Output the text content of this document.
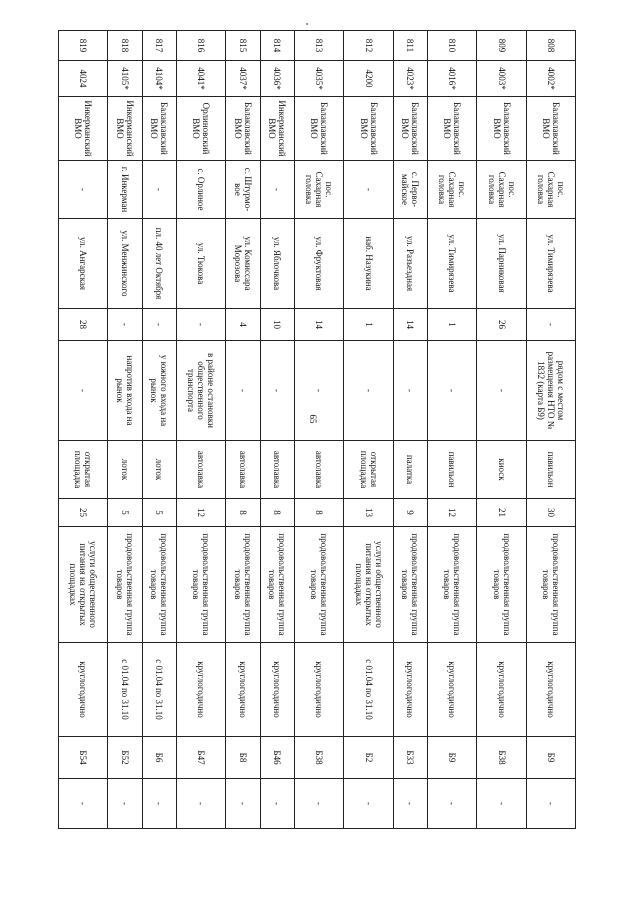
65
808	4002*	Балаклавский ВМО	пос. Сахарная головка	ул. Тимирязева	-	рядом с местом размещения НТО № 1832 (карта Б9)	павильон	30	продовольственная группа товаров	круглогодично	Б9	-
809	4003*	Балаклавский ВМО	пос. Сахарная головка	ул. Парниковая	26	-	киоск	21	продовольственная группа товаров	круглогодично	Б38	-
810	4016*	Балаклавский ВМО	пос. Сахарная головка	ул. Тимирязева	1	-	павильон	12	продовольственная группа товаров	круглогодично	Б9	-
811	4023*	Балаклавский ВМО	с. Перво-майское	ул. Разъездная	14	-	палатка	9	продовольственная группа товаров	круглогодично	Б33	-
812	4200	Балаклавский ВМО	-	наб. Назукина	1	-	открытая площадка	13	услуги общественного питания на открытых площадках	с 01.04 по 31.10	Б2	-
813	4035*	Балаклавский ВМО	пос. Сахарная головка	ул. Фруктовая	14	-	автолавка	8	продовольственная группа товаров	круглогодично	Б38	-
814	4036*	Инкерманский ВМО	-	ул. Яблочкова	10	-	автолавка	8	продовольственная группа товаров	круглогодично	Б46	-
815	4037*	Балаклавский ВМО	с. Штурмо-вое	ул. Комиссара Морозова	4	-	автолавка	8	продовольственная группа товаров	круглогодично	Б8	-
816	4041*	Орлиновский ВМО	с. Орлиное	ул. Тюкова	-	в районе остановки общественного транспорта	автолавка	12	продовольственная группа товаров	круглогодично	Б47	-
817	4104*	Балаклавский ВМО	-	пл. 40 лет Октября	-	у южного входа на рынок	лоток	5	продовольственная группа товаров	с 01.04 по 31.10	Б6	-
818	4105*	Инкерманский ВМО	г. Инкерман	ул. Менжинского	-	напротив входа на рынок	лоток	5	продовольственная группа товаров	с 01.04 по 31.10	Б52	-
819	4024	Инкерманский ВМО	-	ул. Ангарская	28	-	открытая площадка	25	услуги общественного питания на открытых площадках	круглогодично	Б54	-
